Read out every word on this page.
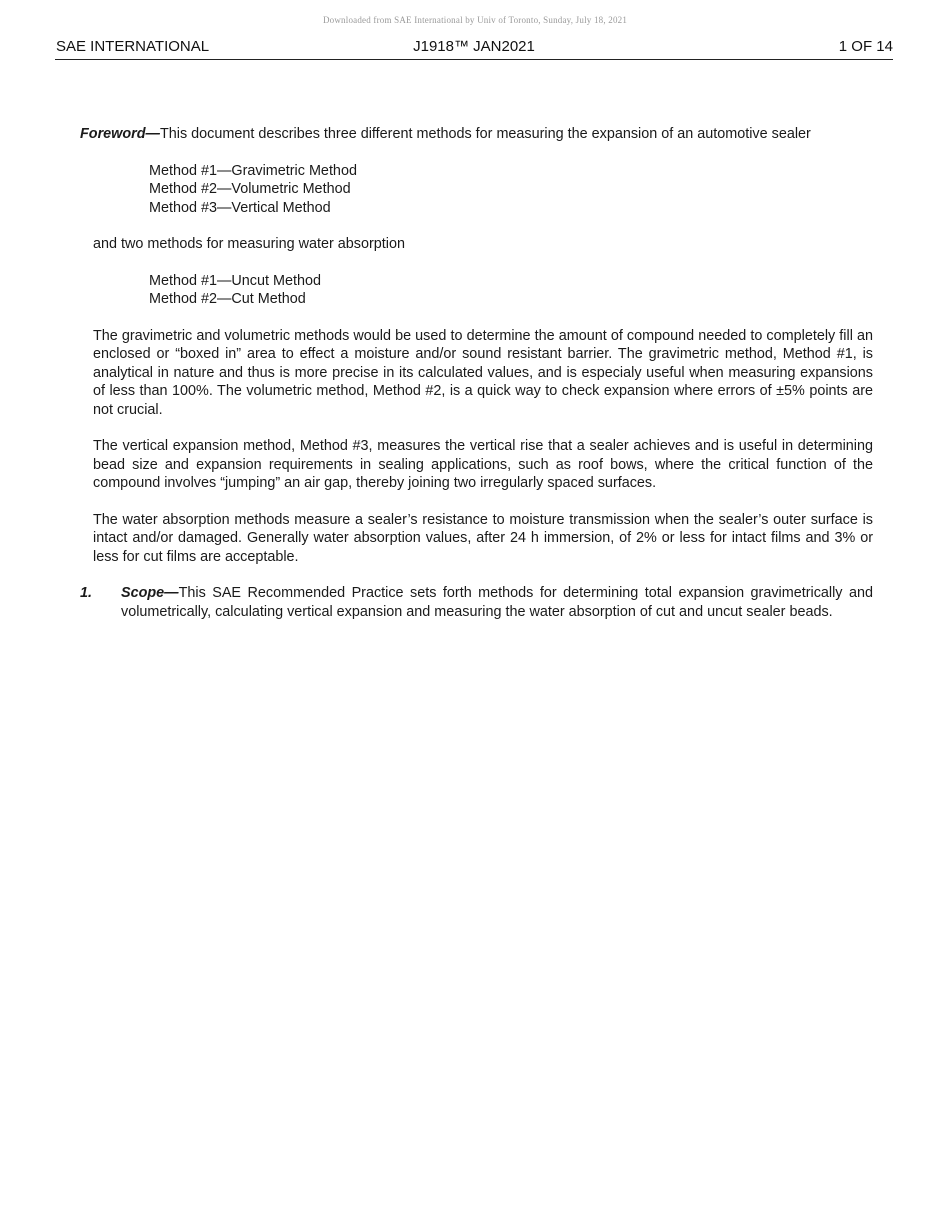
Downloaded from SAE International by Univ of Toronto, Sunday, July 18, 2021
J1918™ JAN2021
SAE INTERNATIONAL	1 OF 14

Foreword—This document describes three different methods for measuring the expansion of an automotive sealer

Method #1—Gravimetric Method
Method #2—Volumetric Method
Method #3—Vertical Method

and two methods for measuring water absorption

Method #1—Uncut Method
Method #2—Cut Method

The gravimetric and volumetric methods would be used to determine the amount of compound needed to completely fill an enclosed or “boxed in” area to effect a moisture and/or sound resistant barrier. The gravimetric method, Method #1, is analytical in nature and thus is more precise in its calculated values, and is especialy useful when measuring expansions of less than 100%. The volumetric method, Method #2, is a quick way to check expansion where errors of ±5% points are not crucial.

The vertical expansion method, Method #3, measures the vertical rise that a sealer achieves and is useful in determining bead size and expansion requirements in sealing applications, such as roof bows, where the critical function of the compound involves “jumping” an air gap, thereby joining two irregularly spaced surfaces.

The water absorption methods measure a sealer’s resistance to moisture transmission when the sealer’s outer surface is intact and/or damaged. Generally water absorption values, after 24 h immersion, of 2% or less for intact films and 3% or less for cut films are acceptable.

1. Scope—This SAE Recommended Practice sets forth methods for determining total expansion gravimetrically and volumetrically, calculating vertical expansion and measuring the water absorption of cut and uncut sealer beads.
